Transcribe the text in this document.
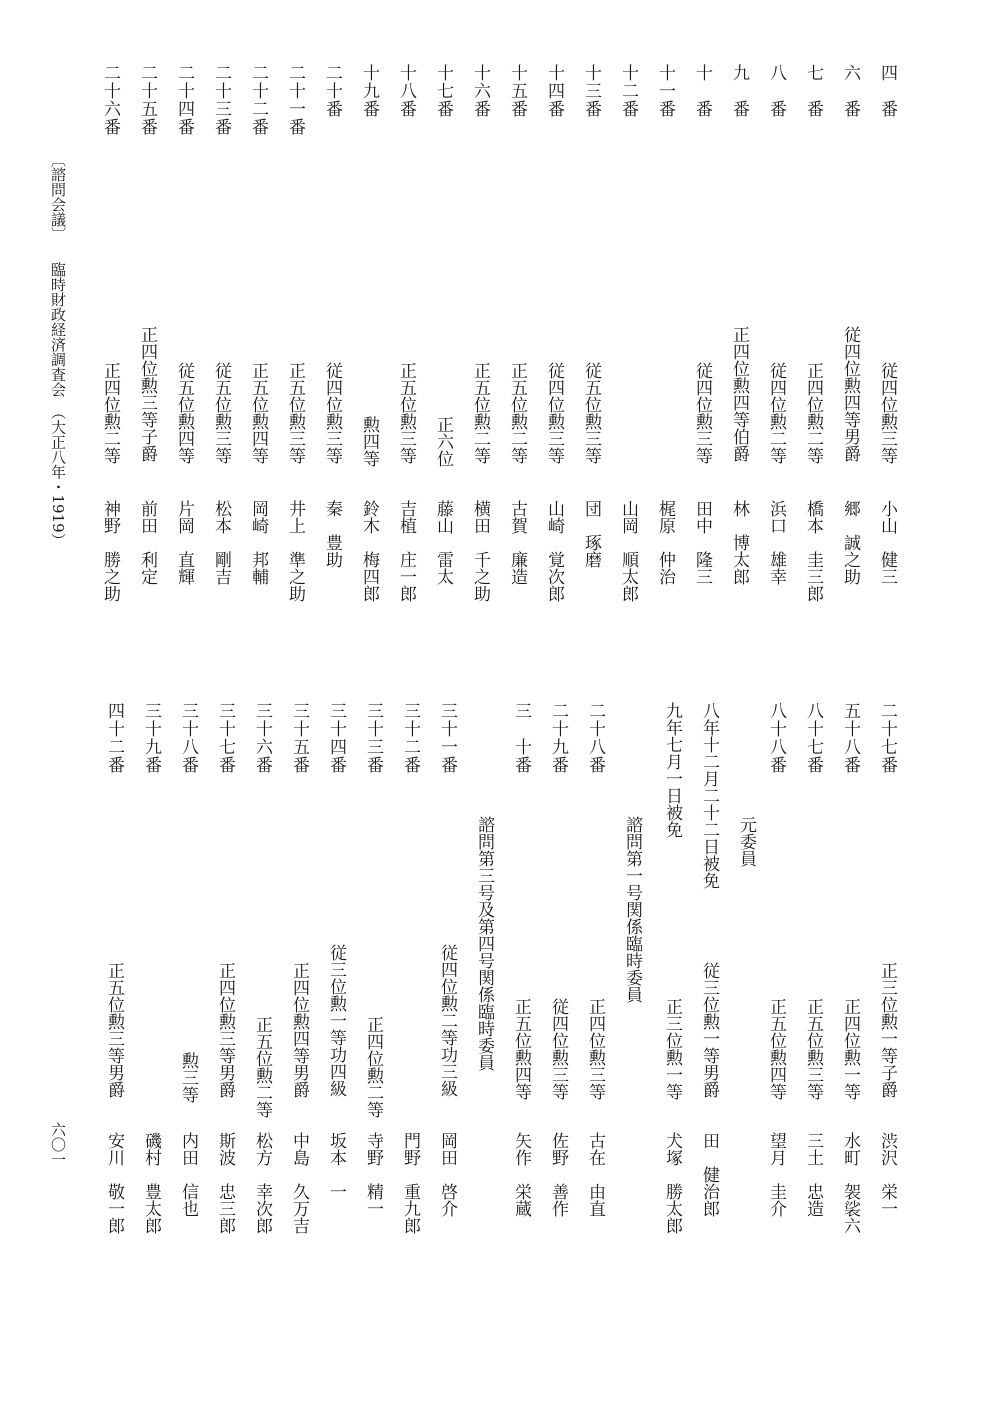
〔諮問会議〕
臨時財政経済調査会　（大正八年・1919）
六〇一
四　番
従四位勲三等
小山　健三
六　番
従四位勲四等男爵
郷　誠之助
七　番
正四位勲二等
橋本　圭三郎
八　番
従四位勲二等
浜口　雄幸
九　番
正四位勲四等伯爵
林　博太郎
十　番
従四位勲三等
田中　隆三
十一番
梶原　仲治
十二番
山岡　順太郎
十三番
従五位勲三等
団　琢磨
十四番
従四位勲三等
山崎　覚次郎
十五番
正五位勲二等
古賀　廉造
十六番
正五位勲二等
横田　千之助
十七番
正六位
藤山　雷太
十八番
正五位勲三等
吉植　庄一郎
十九番
勲四等
鈴木　梅四郎
二十番
従四位勲三等
秦　豊助
二十一番
正五位勲三等
井上　準之助
二十二番
正五位勲四等
岡崎　邦輔
二十三番
従五位勲三等
松本　剛吉
二十四番
従五位勲四等
片岡　直輝
二十五番
正四位勲三等子爵
前田　利定
二十六番
正四位勲二等
神野　勝之助
二十七番
正三位勲一等子爵
渋沢　栄一
五十八番
正四位勲一等
水町　袈裟六
八十七番
正五位勲三等
三土　忠造
八十八番
正五位勲四等
望月　圭介
元委員
八年十二月二十二日被免
従三位勲一等男爵
田　健治郎
九年七月一日被免
正三位勲一等
犬塚　勝太郎
諮問第一号関係臨時委員
二十八番
正四位勲三等
古在　由直
二十九番
従四位勲三等
佐野　善作
三　十番
正五位勲四等
矢作　栄蔵
諮問第三号及第四号関係臨時委員
三十一番
従四位勲二等功三級
岡田　啓介
三十二番
門野　重九郎
三十三番
正四位勲二等
寺野　精一
三十四番
従三位勲一等功四級
坂本　一
三十五番
正四位勲四等男爵
中島　久万吉
三十六番
正五位勲二等
松方　幸次郎
三十七番
正四位勲三等男爵
斯波　忠三郎
三十八番
勲三等
内田　信也
三十九番
磯村　豊太郎
四十二番
正五位勲三等男爵
安川　敬一郎
